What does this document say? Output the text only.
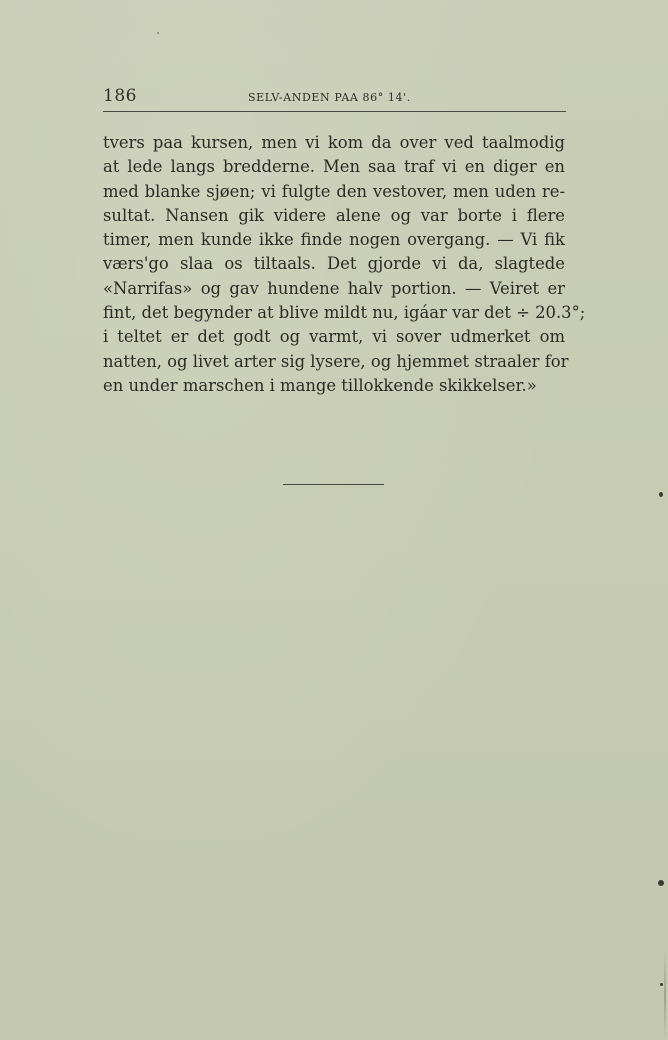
186	SELV-ANDEN PAA 86° 14'.
tvers paa kursen, men vi kom da over ved taalmodig
at lede langs bredderne. Men saa traf vi en diger en
med blanke sjøen; vi fulgte den vestover, men uden re-
sultat. Nansen gik videre alene og var borte i flere
timer, men kunde ikke finde nogen overgang. — Vi fik
værs'go slaa os tiltaals. Det gjorde vi da, slagtede
«Narrifas» og gav hundene halv portion. — Veiret er
fint, det begynder at blive mildt nu, igáar var det ÷ 20.3°;
i teltet er det godt og varmt, vi sover udmerket om
natten, og livet arter sig lysere, og hjemmet straaler for
en under marschen i mange tillokkende skikkelser.»
